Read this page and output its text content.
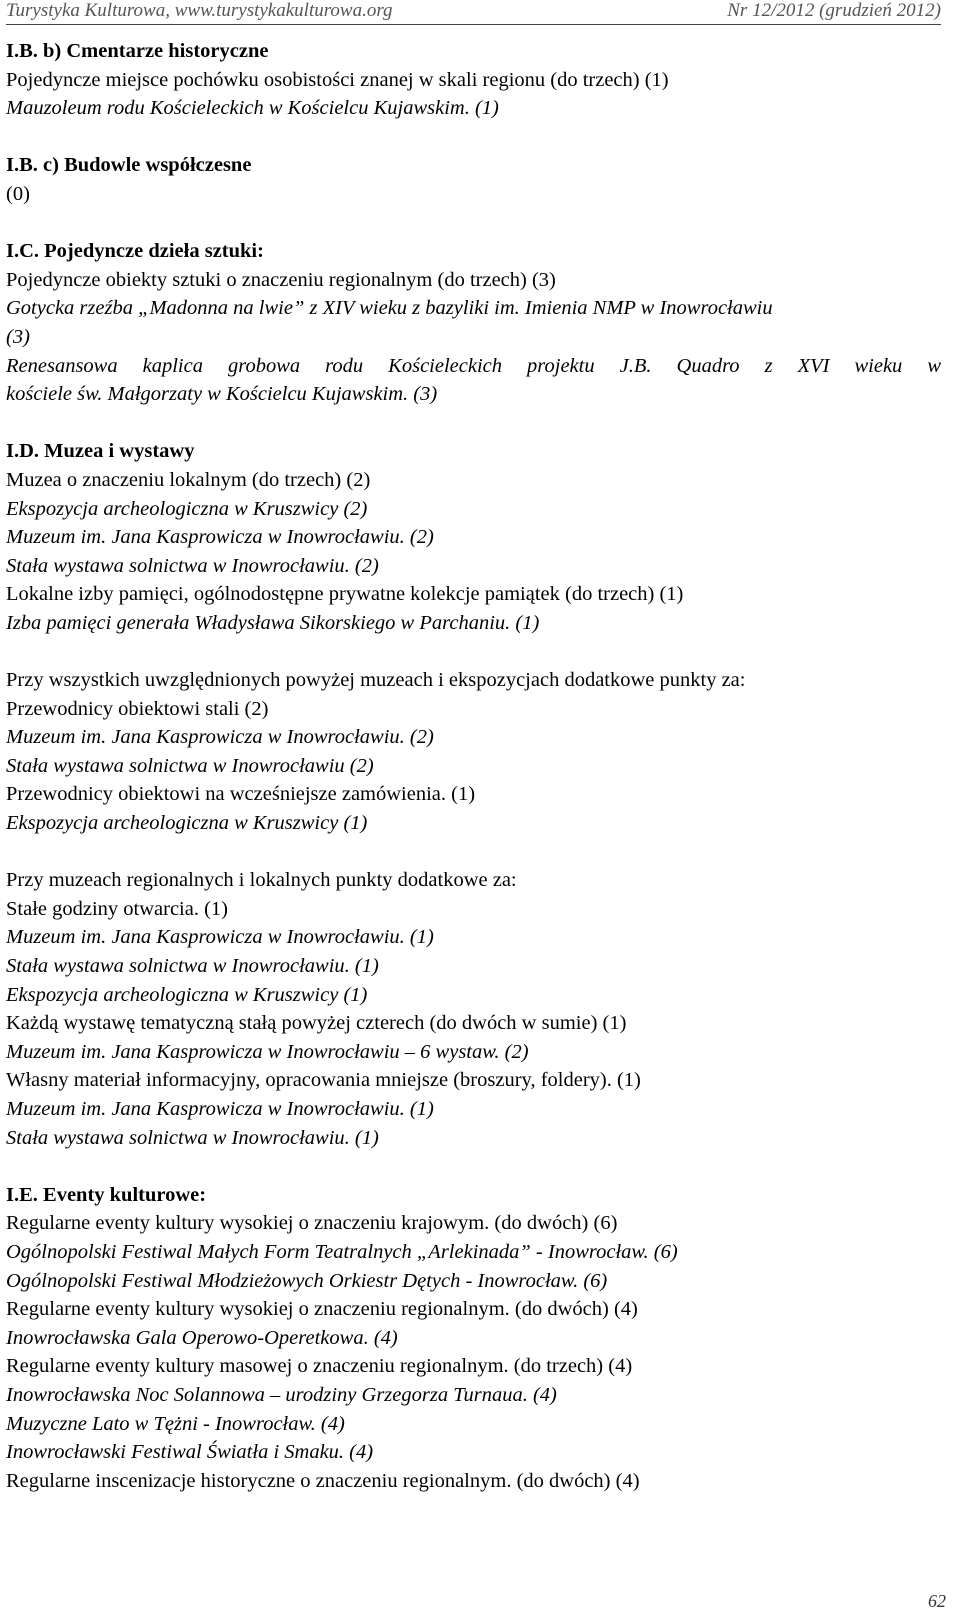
Turystyka Kulturowa, www.turystykakulturowa.org	Nr 12/2012 (grudzień 2012)
I.B. b) Cmentarze historyczne
Pojedyncze miejsce pochówku osobistości znanej w skali regionu (do trzech) (1)
Mauzoleum rodu Kościeleckich w Kościelcu Kujawskim. (1)
I.B. c) Budowle współczesne
(0)
I.C. Pojedyncze dzieła sztuki:
Pojedyncze obiekty sztuki o znaczeniu regionalnym (do trzech) (3)
Gotycka rzeźba „Madonna na lwie” z XIV wieku z bazyliki im. Imienia NMP w Inowrocławiu
(3)
Renesansowa kaplica grobowa rodu Kościeleckich projektu J.B. Quadro z XVI wieku w
kościele św. Małgorzaty w Kościelcu Kujawskim. (3)
I.D. Muzea i wystawy
Muzea o znaczeniu lokalnym (do trzech) (2)
Ekspozycja archeologiczna w Kruszwicy (2)
Muzeum im. Jana Kasprowicza w Inowrocławiu. (2)
Stała wystawa solnictwa w Inowrocławiu. (2)
Lokalne izby pamięci, ogólnodostępne prywatne kolekcje pamiątek (do trzech) (1)
Izba pamięci generała Władysława Sikorskiego w Parchaniu. (1)
Przy wszystkich uwzględnionych powyżej muzeach i ekspozycjach dodatkowe punkty za:
Przewodnicy obiektowi stali (2)
Muzeum im. Jana Kasprowicza w Inowrocławiu. (2)
Stała wystawa solnictwa w Inowrocławiu (2)
Przewodnicy obiektowi na wcześniejsze zamówienia. (1)
Ekspozycja archeologiczna w Kruszwicy (1)
Przy muzeach regionalnych i lokalnych punkty dodatkowe za:
Stałe godziny otwarcia. (1)
Muzeum im. Jana Kasprowicza w Inowrocławiu. (1)
Stała wystawa solnictwa w Inowrocławiu. (1)
Ekspozycja archeologiczna w Kruszwicy (1)
Każdą wystawę tematyczną stałą powyżej czterech (do dwóch w sumie) (1)
Muzeum im. Jana Kasprowicza w Inowrocławiu – 6 wystaw. (2)
Własny materiał informacyjny, opracowania mniejsze (broszury, foldery). (1)
Muzeum im. Jana Kasprowicza w Inowrocławiu. (1)
Stała wystawa solnictwa w Inowrocławiu. (1)
I.E. Eventy kulturowe:
Regularne eventy kultury wysokiej o znaczeniu krajowym. (do dwóch) (6)
Ogólnopolski Festiwal Małych Form Teatralnych „Arlekinada” - Inowrocław. (6)
Ogólnopolski Festiwal Młodzieżowych Orkiestr Dętych - Inowrocław. (6)
Regularne eventy kultury wysokiej o znaczeniu regionalnym. (do dwóch) (4)
Inowrocławska Gala Operowo-Operetkowa. (4)
Regularne eventy kultury masowej o znaczeniu regionalnym. (do trzech) (4)
Inowrocławska Noc Solannowa – urodziny Grzegorza Turnaua. (4)
Muzyczne Lato w Tężni - Inowrocław. (4)
Inowrocławski Festiwal Światła i Smaku. (4)
Regularne inscenizacje historyczne o znaczeniu regionalnym. (do dwóch) (4)
62
